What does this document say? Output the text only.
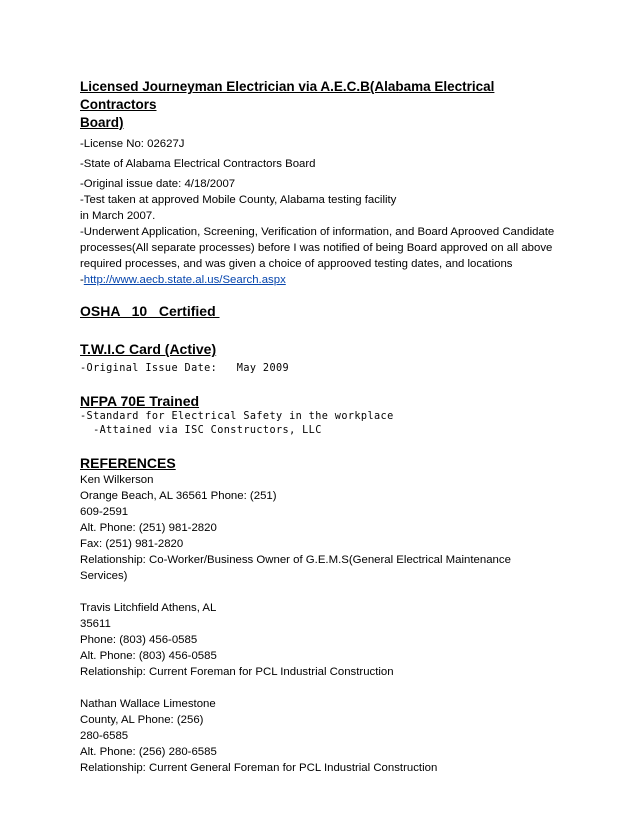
Licensed Journeyman Electrician via A.E.C.B(Alabama Electrical Contractors
Board)
-License No: 02627J
-State of Alabama Electrical Contractors Board
-Original issue date: 4/18/2007
-Test taken at approved Mobile County, Alabama testing facility
in March 2007.
-Underwent Application, Screening, Verification of information, and Board Aprooved Candidate
processes(All separate processes) before I was notified of being Board approved on all above
required processes, and was given a choice of approoved testing dates, and locations
-http://www.aecb.state.al.us/Search.aspx
OSHA   10   Certified
T.W.I.C Card (Active)
-Original Issue Date:   May 2009
NFPA 70E Trained
-Standard for Electrical Safety in the workplace
-Attained via ISC Constructors, LLC
REFERENCES
Ken Wilkerson
Orange Beach, AL 36561 Phone: (251)
609-2591
Alt. Phone: (251) 981-2820
Fax: (251) 981-2820
Relationship: Co-Worker/Business Owner of G.E.M.S(General Electrical Maintenance
Services)
Travis Litchfield Athens, AL
35611
Phone: (803) 456-0585
Alt. Phone: (803) 456-0585
Relationship: Current Foreman for PCL Industrial Construction
Nathan Wallace Limestone
County, AL Phone: (256)
280-6585
Alt. Phone: (256) 280-6585
Relationship: Current General Foreman for PCL Industrial Construction
